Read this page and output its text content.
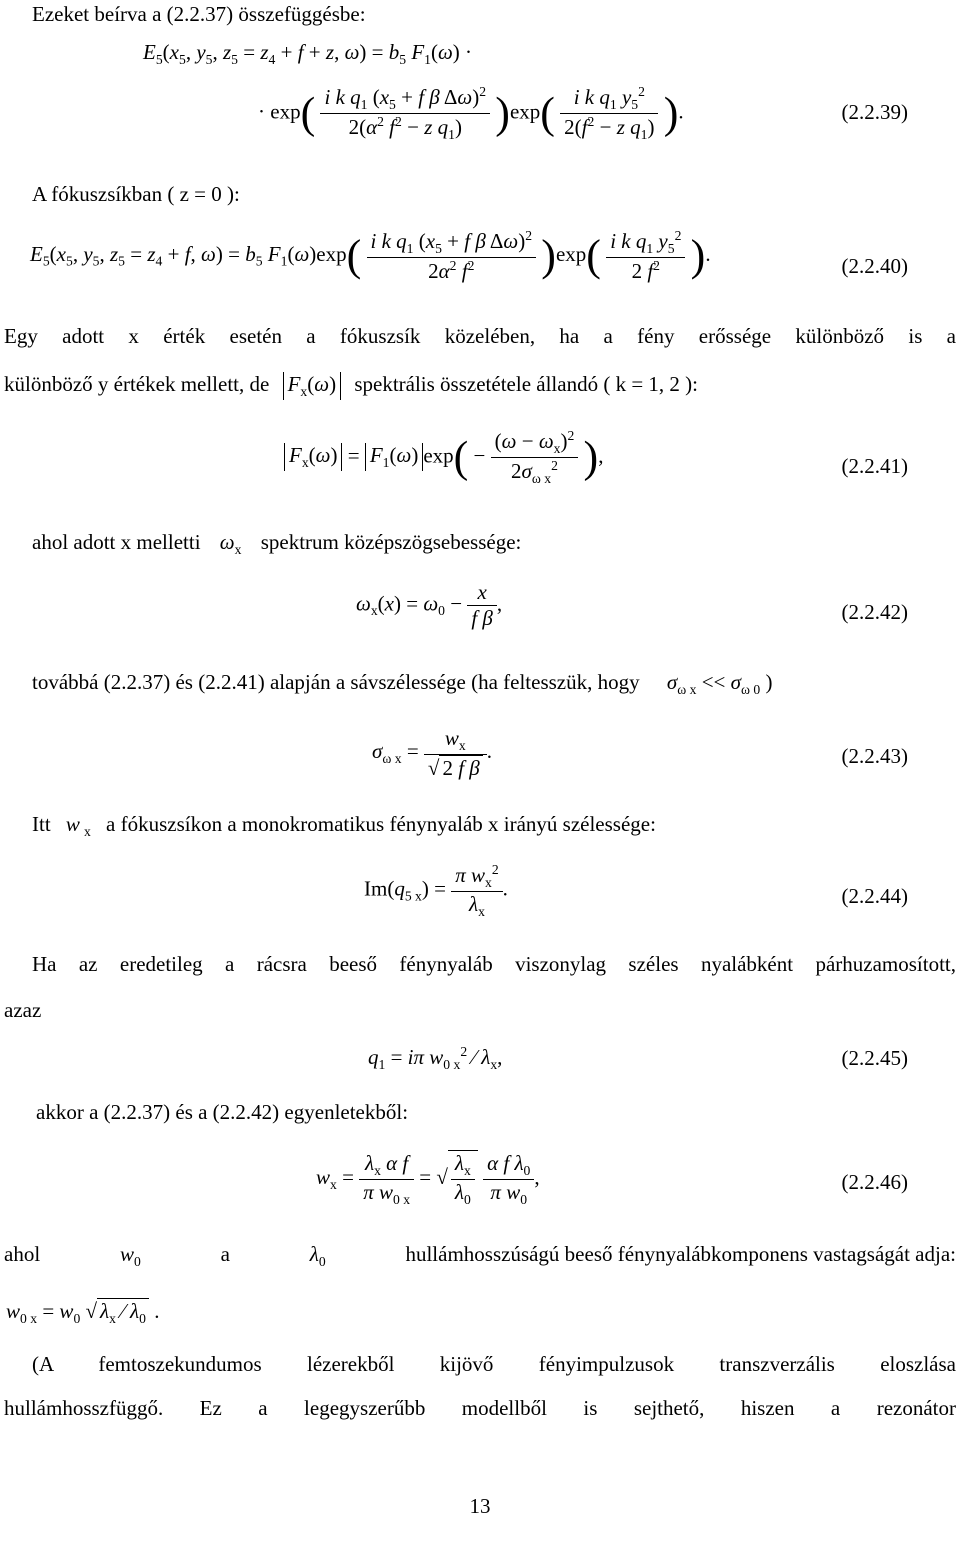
Ezeket beírva a (2.2.37) összefüggésbe:
$E_5(x_5$, $y_5$, $z_5 = z_4 + f + z$, $\omega) = b_5$ $F_1(\omega)$ ·
· $\exp( \frac{i k q_1 (x_5 + f \beta \Delta\omega)^2}{2(\alpha^2 f^2 - z q_1)} )\exp( \frac{i k q_1 y_5^2}{2(f^2 - z q_1)}$ ).	(2.2.39)
A fókuszsíkban ( z = 0 ):
$E_5(x_5$, $y_5$, $z_5 = z_4 + f$, $\omega) = b_5$ $F_1(\omega)\exp( \frac{i k q_1 (x_5 + f \beta \Delta\omega)^2}{2\alpha^2 f^2} )\exp( \frac{i k q_1 y_5^2}{2 f^2}$ ).
(2.2.40)
Egy adott x érték esetén a fókuszsík közelében, ha a fény erőssége különböző is a
különböző y értékek mellett, de $F_x(\omega)$ spektrális összetétele állandó ( k = 1, 2 ):
$F_x(\omega) = F_1(\omega) \exp( - \frac{(\omega - \omega_x)^2}{2\sigma_{\omega x}^2}$ ),	(2.2.41)
ahol adott x melletti $\omega_x$ spektrum középszögsebessége:
$\omega_x(x) = \omega_0 - \frac{x}{\text{f β}}$ ,	(2.2.42)
továbbá (2.2.37) és (2.2.41) alapján a sávszélessége (ha feltesszük, hogy $\sigma_{\omega x} << \sigma_{\omega 0}$ )
$\sigma_{\omega x} = \frac{w_x}{\text{√ 2 f β}}$ .	(2.2.43)
Itt w $_x$ a fókuszsíkon a monokromatikus fénynyaláb x irányú szélessége:
$Im(q_{5 x}) = \frac{\pi w_x^2}{\lambda_x}$ .	(2.2.44)
Ha az eredetileg a rácsra beeső fénynyaláb viszonylag széles nyalábként párhuzamosított,
azaz
$q_1 = i\pi$ $w_{0 x}^2$ ⁄ $\lambda_x$,	(2.2.45)
akkor a (2.2.37) és a (2.2.42) egyenletekből:
$w_x = \frac{\lambda_x \alpha f}{\pi w_{0 x}}$ = √ $\frac{\lambda_x}{\lambda_0}$
$\frac{\alpha f \lambda_0}{\pi w_0}$ ,	(2.2.46)
ahol	$w_0$	a	$\lambda_0$	hullámhosszúságú beeső fénynyalábkomponens vastagságát adja:
$w_{0 x} = w_0$ √ $\lambda_x$ ⁄ $\lambda_0$ .
(A femtoszekundumos lézerekből kijövő fényimpulzusok transzverzális eloszlása
hullámhosszfüggő. Ez a legegyszerűbb modellből is sejthető, hiszen a rezonátor
13
